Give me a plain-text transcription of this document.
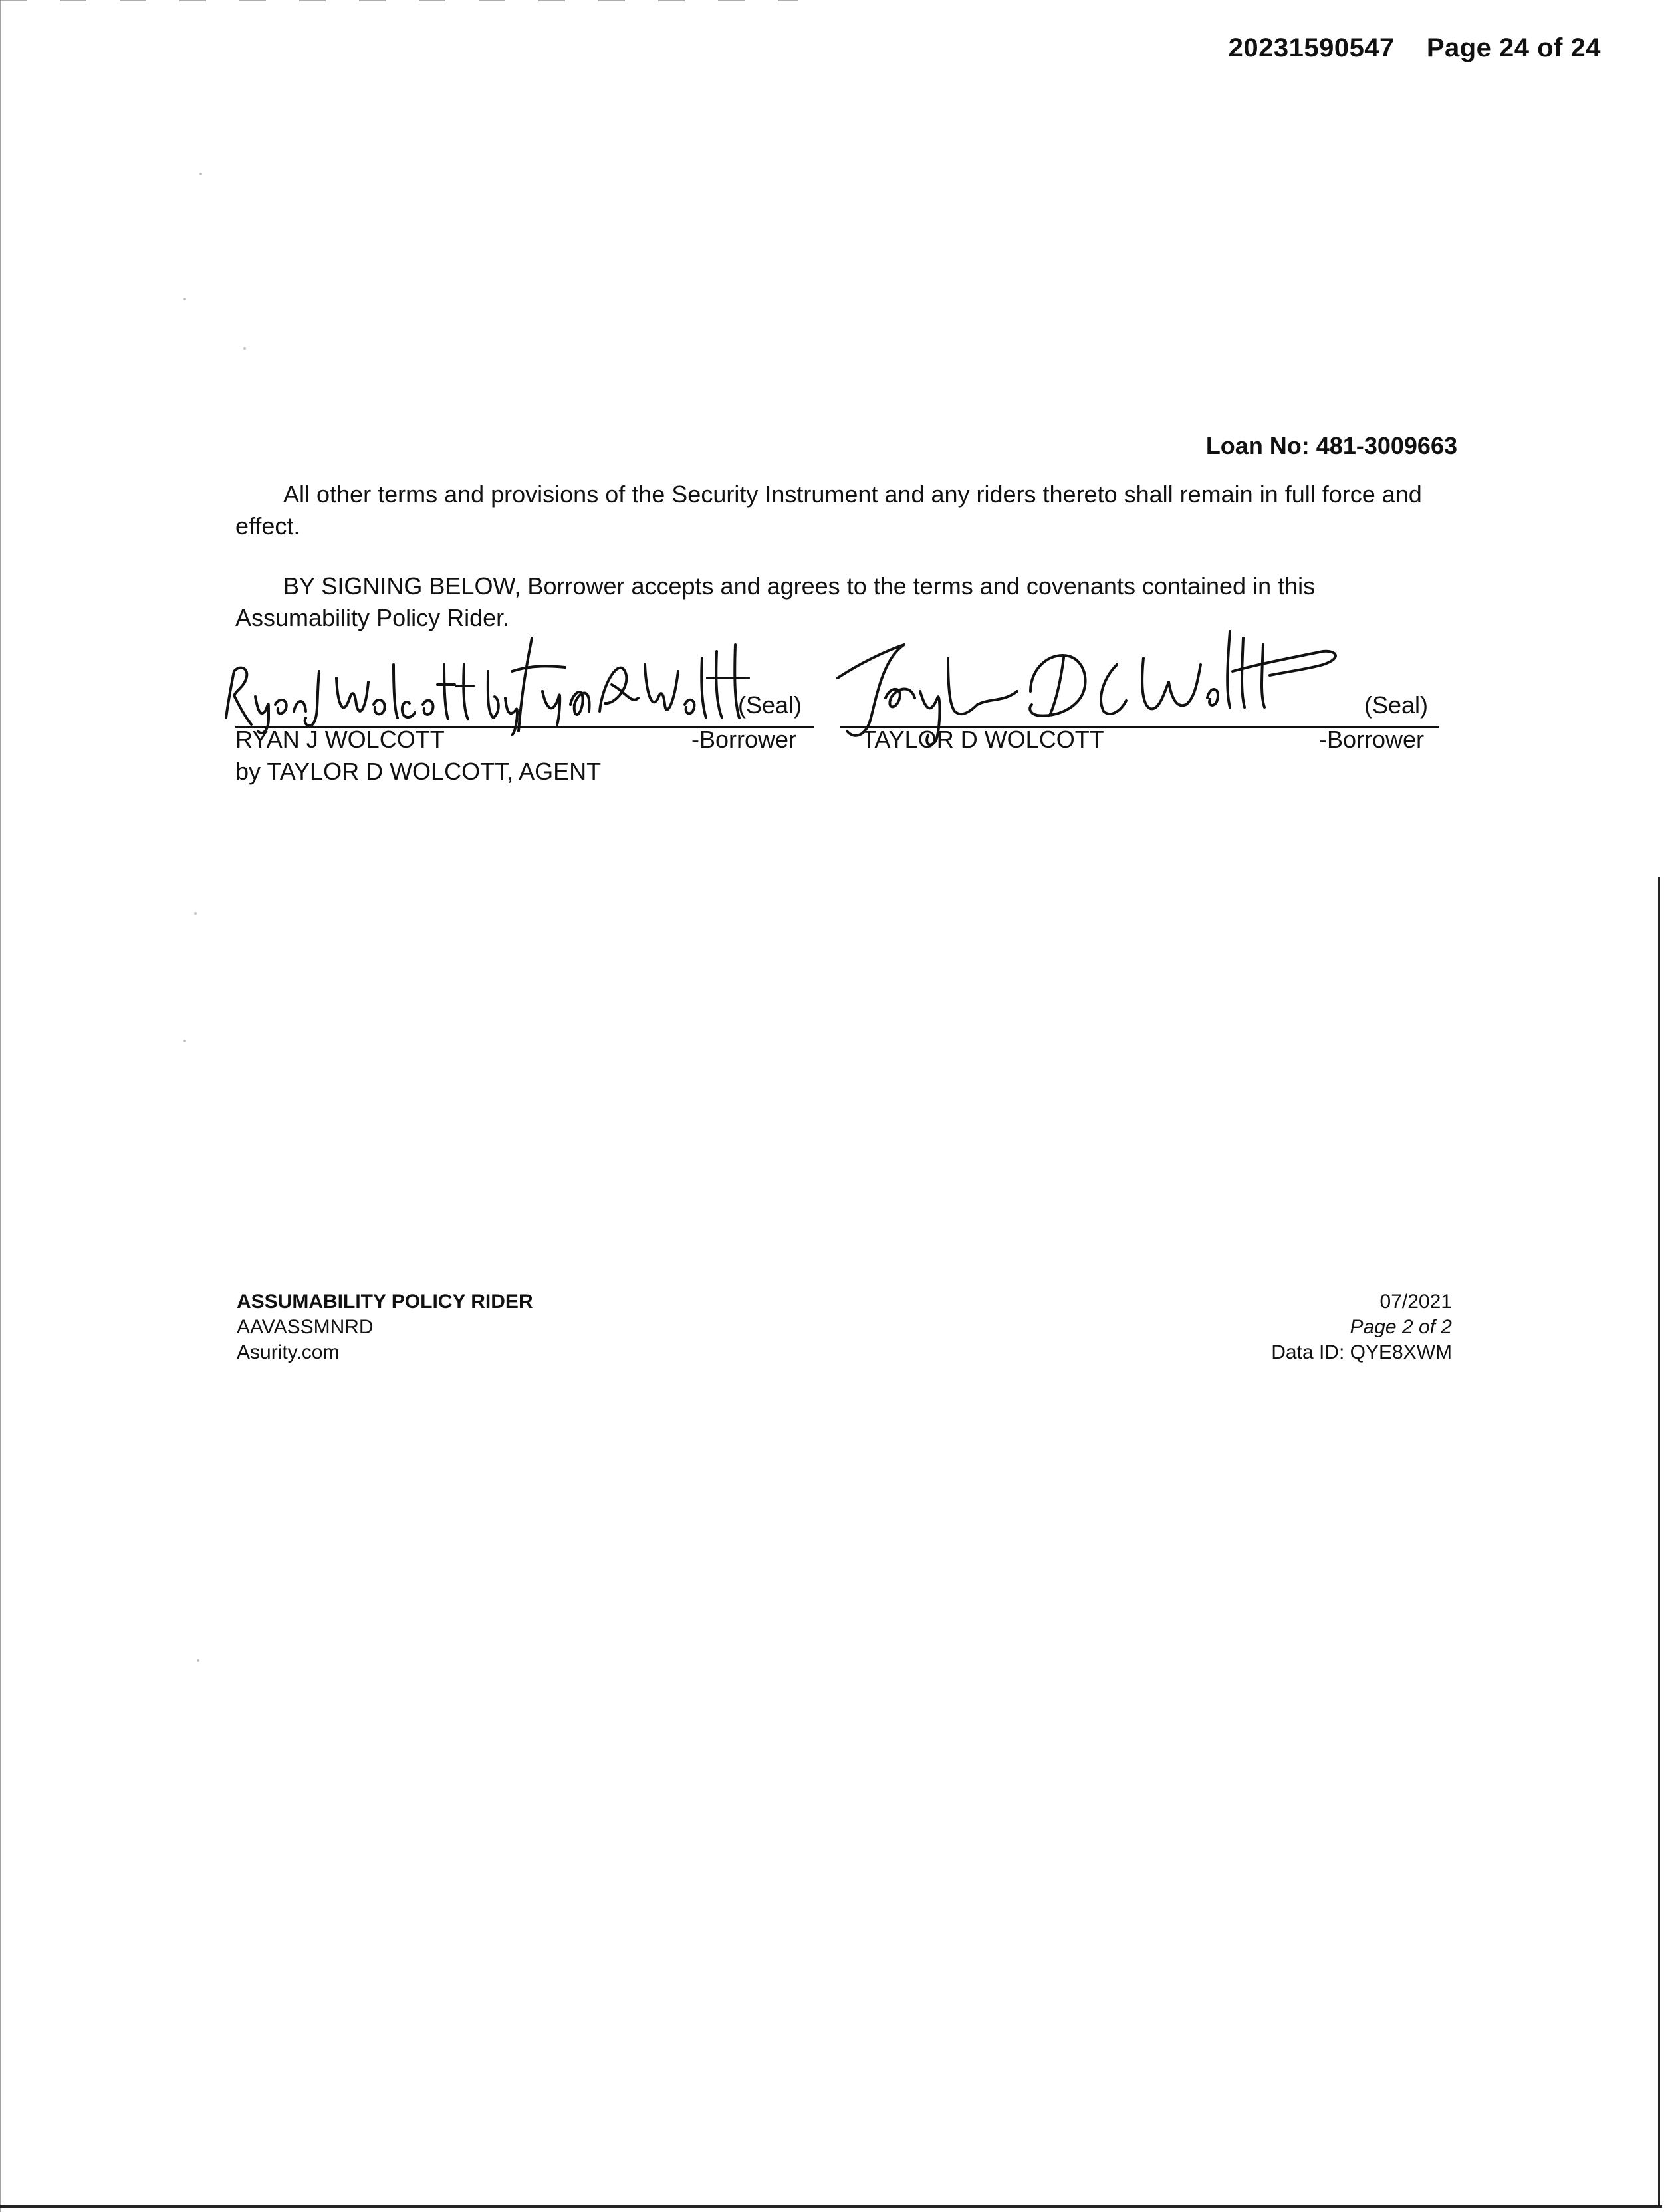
20231590547 Page 24 of 24
Loan No: 481-3009663

All other terms and provisions of the Security Instrument and any riders thereto shall remain in full force and effect.

BY SIGNING BELOW, Borrower accepts and agrees to the terms and covenants contained in this Assumability Policy Rider.

(Seal)	(Seal)
RYAN J WOLCOTT	-Borrower
by TAYLOR D WOLCOTT, AGENT
TAYLOR D WOLCOTT	-Borrower
ASSUMABILITY POLICY RIDER
AAVASSMNRD
Asurity.com
07/2021
Page 2 of 2
Data ID: QYE8XWM
